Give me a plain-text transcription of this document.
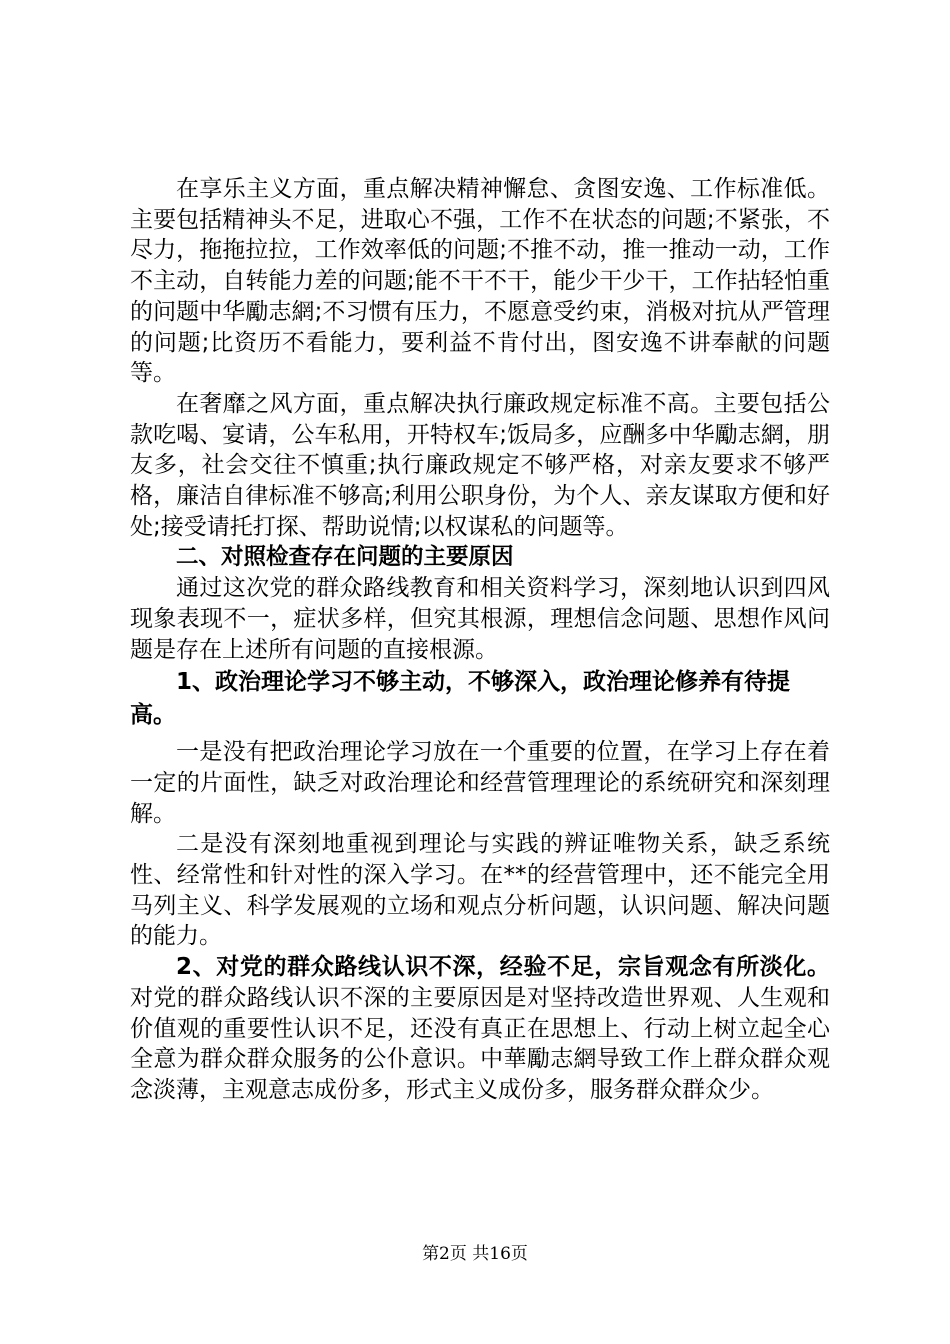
在享乐主义方面，重点解决精神懈怠、贪图安逸、工作标准低。主要包括精神头不足，进取心不强，工作不在状态的问题;不紧张，不尽力，拖拖拉拉，工作效率低的问题;不推不动，推一推动一动，工作不主动，自转能力差的问题;能不干不干，能少干少干，工作拈轻怕重的问题中华勵志網;不习惯有压力，不愿意受约束，消极对抗从严管理的问题;比资历不看能力，要利益不肯付出，图安逸不讲奉献的问题等。

在奢靡之风方面，重点解决执行廉政规定标准不高。主要包括公款吃喝、宴请，公车私用，开特权车;饭局多，应酬多中华勵志網，朋友多，社会交往不慎重;执行廉政规定不够严格，对亲友要求不够严格，廉洁自律标准不够高;利用公职身份，为个人、亲友谋取方便和好处;接受请托打探、帮助说情;以权谋私的问题等。

二、对照检查存在问题的主要原因

通过这次党的群众路线教育和相关资料学习，深刻地认识到四风现象表现不一，症状多样，但究其根源，理想信念问题、思想作风问题是存在上述所有问题的直接根源。

1、政治理论学习不够主动，不够深入，政治理论修养有待提高。

一是没有把政治理论学习放在一个重要的位置，在学习上存在着一定的片面性，缺乏对政治理论和经营管理理论的系统研究和深刻理解。

二是没有深刻地重视到理论与实践的辨证唯物关系，缺乏系统性、经常性和针对性的深入学习。在**的经营管理中，还不能完全用马列主义、科学发展观的立场和观点分析问题，认识问题、解决问题的能力。

2、对党的群众路线认识不深，经验不足，宗旨观念有所淡化。对党的群众路线认识不深的主要原因是对坚持改造世界观、人生观和价值观的重要性认识不足，还没有真正在思想上、行动上树立起全心全意为群众群众服务的公仆意识。中華勵志網导致工作上群众群众观念淡薄，主观意志成份多，形式主义成份多，服务群众群众少。

第2页 共16页
